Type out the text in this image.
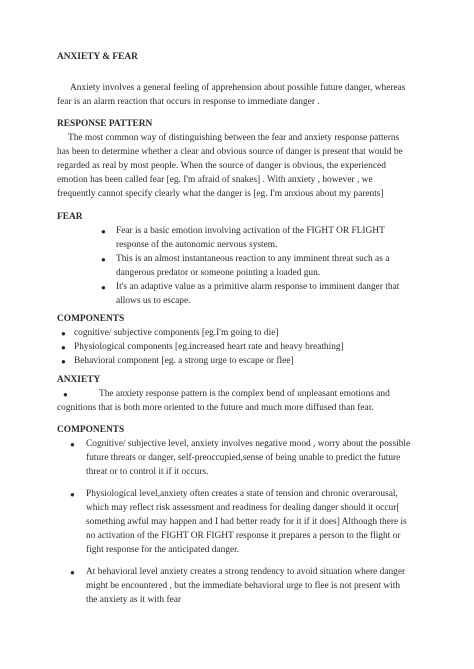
ANXIETY & FEAR
Anxiety involves a general feeling of apprehension about possible future danger, whereas
fear is an alarm reaction that occurs in response to immediate danger .
RESPONSE PATTERN
The most common way of distinguishing between the fear and anxiety response patterns
has been to determine whether a clear and obvious source of danger is present that would be
regarded as real by most people. When the source of danger is obvious, the experienced
emotion has been called fear [eg. I'm afraid of snakes] . With anxiety , however , we
frequently cannot specify clearly what the danger is [eg. I'm anxious about my parents]
FEAR
● Fear is a basic emotion involving activation of the FIGHT OR FLIGHT
response of the autonomic nervous system.
● This is an almost instantaneous reaction to any imminent threat such as a
dangerous predator or someone pointing a loaded gun.
● It's an adaptive value as a primitive alarm response to imminent danger that
allows us to escape.
COMPONENTS
● cognitive/ subjective components [eg.I'm going to die]
● Physiological components [eg.increased heart rate and heavy breathing]
● Behavioral component [eg. a strong urge to escape or flee]
ANXIETY
●	The anxiety response pattern is the complex bend of unpleasant emotions and
cognitions that is both more oriented to the future and much more diffused than fear.
COMPONENTS
● Cognitive/ subjective level, anxiety involves negative mood , worry about the possible
future threats or danger, self-preoccupied,sense of being unable to predict the future
threat or to control it if it occurs.
● Physiological level,anxiety often creates a state of tension and chronic overarousal,
which may reflect risk assessment and readiness for dealing danger should it occur[
something awful may happen and I had better ready for it if it does] Although there is
no activation of the FIGHT OR FIGHT response it prepares a person to the flight or
fight response for the anticipated danger.
● At behavioral level anxiety creates a strong tendency to avoid situation where danger
might be encountered , but the immediate behavioral urge to flee is not present with
the anxiety as it with fear
